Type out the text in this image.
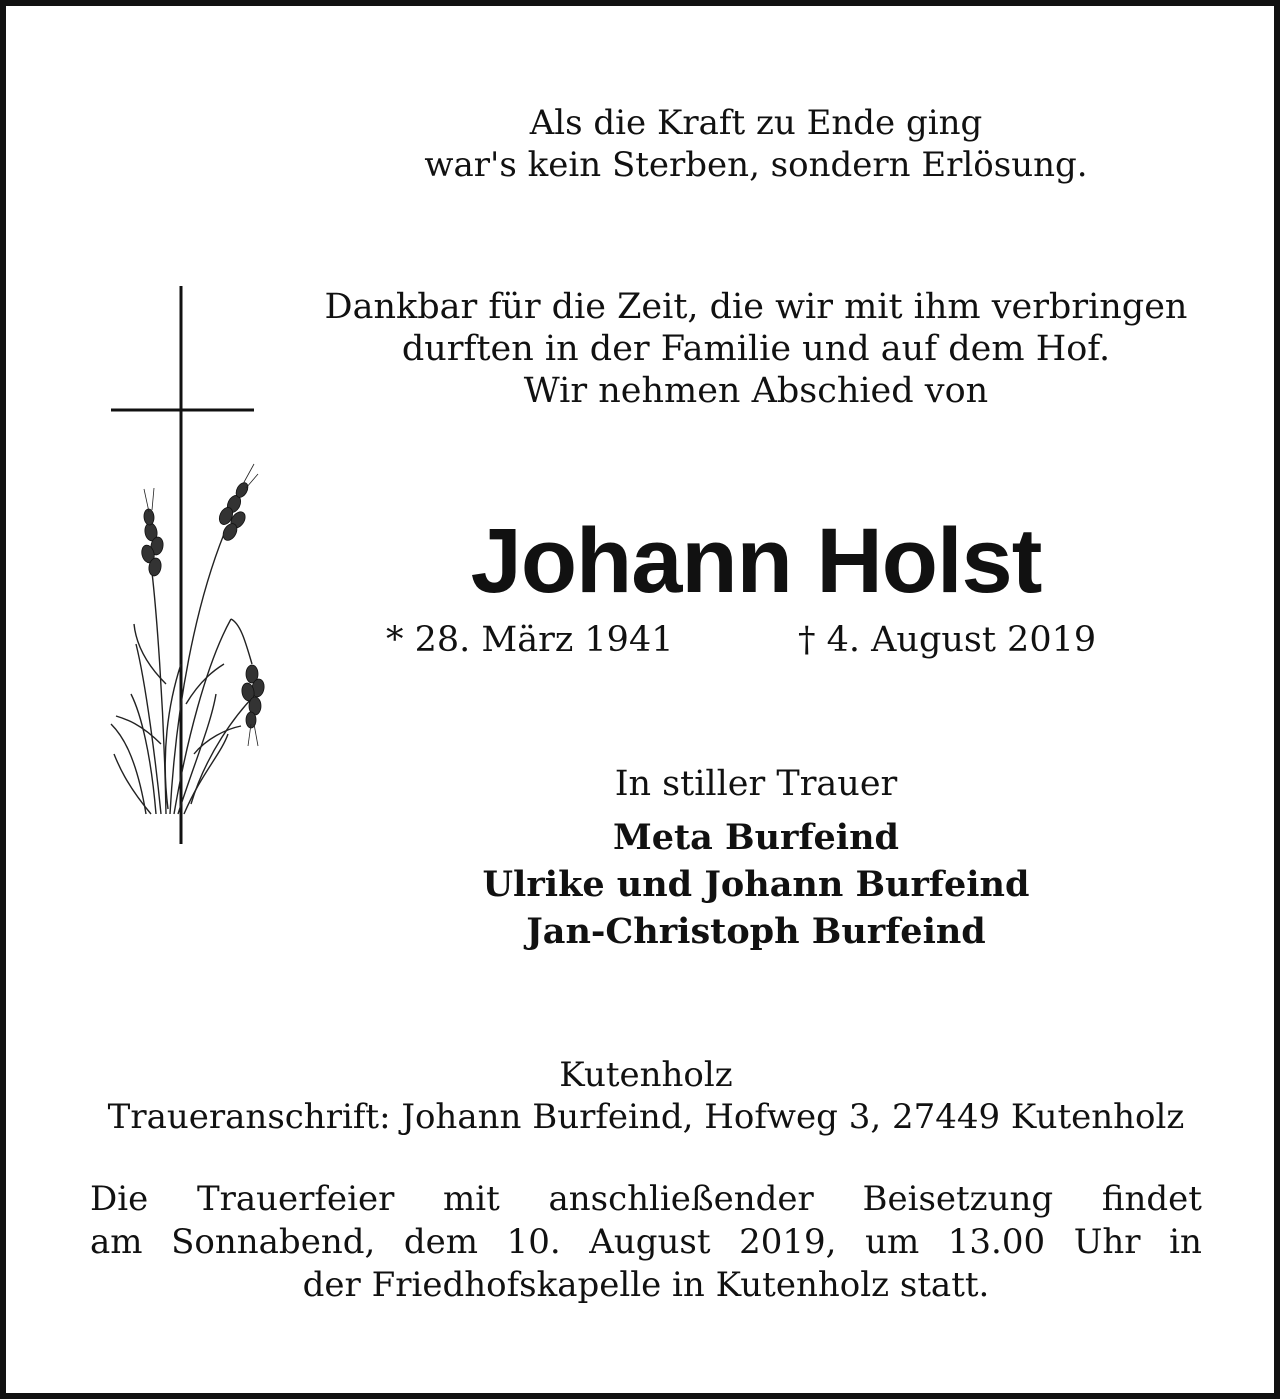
Als die Kraft zu Ende ging
war's kein Sterben, sondern Erlösung.
Dankbar für die Zeit, die wir mit ihm verbringen
durften in der Familie und auf dem Hof.
Wir nehmen Abschied von
Johann Holst
* 28. März 1941	† 4. August 2019
In stiller Trauer
Meta Burfeind
Ulrike und Johann Burfeind
Jan-Christoph Burfeind
Kutenholz
Traueranschrift: Johann Burfeind, Hofweg 3, 27449 Kutenholz
Die Trauerfeier mit anschließender Beisetzung findet
am Sonnabend, dem 10. August 2019, um 13.00 Uhr in
der Friedhofskapelle in Kutenholz statt.
